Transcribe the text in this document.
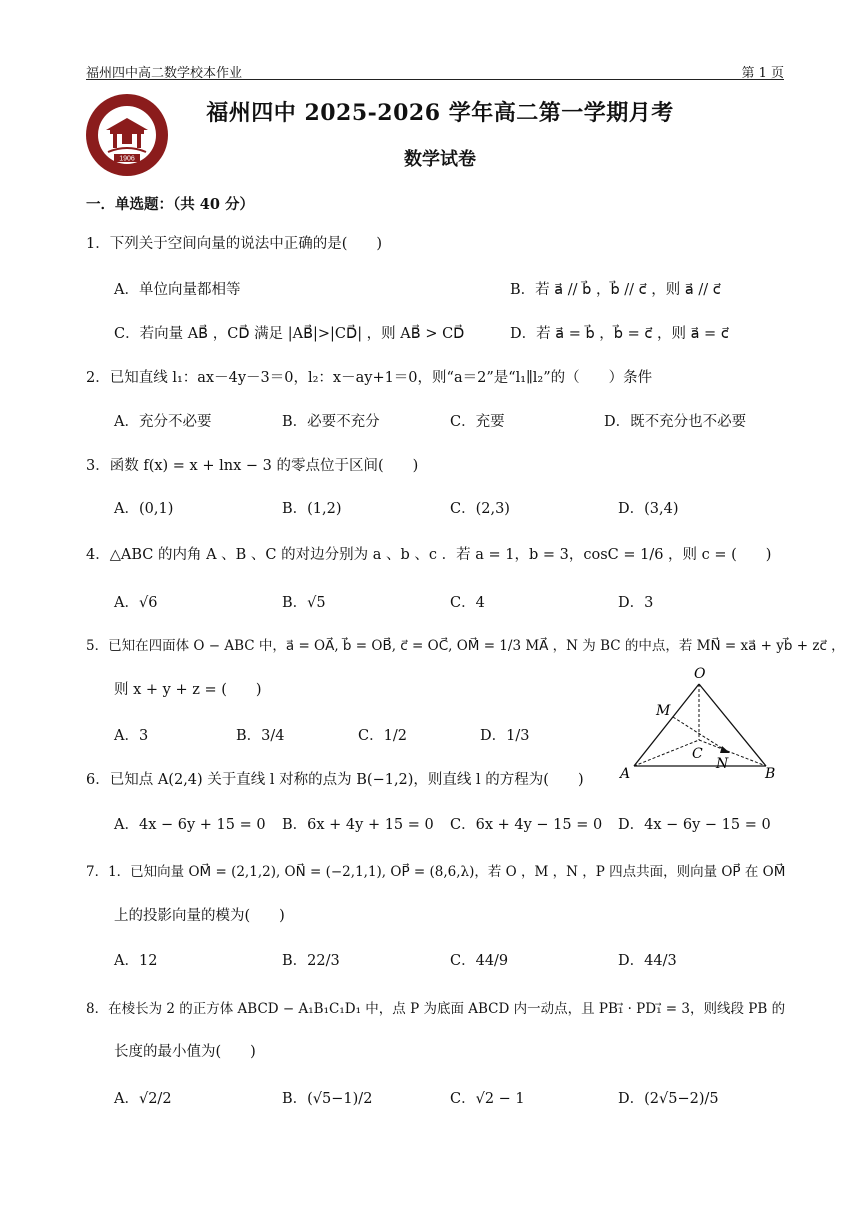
福州四中高二数学校本作业	第 1 页
1906
福州四中 2025-2026 学年高二第一学期月考
数学试卷
一．单选题：（共 40 分）
1．下列关于空间向量的说法中正确的是(　　)
A．单位向量都相等	B．若 a⃗ // b⃗ ，b⃗ // c⃗ ，则 a⃗ // c⃗
C．若向量 AB⃗ ，CD⃗ 满足 |AB⃗|>|CD⃗| ，则 AB⃗ > CD⃗	D．若 a⃗ = b⃗ ，b⃗ = c⃗ ，则 a⃗ = c⃗
2．已知直线 l₁：ax－4y－3＝0，l₂：x－ay+1＝0，则“a＝2”是“l₁∥l₂”的（　　）条件
A．充分不必要	B．必要不充分	C．充要	D．既不充分也不必要
3．函数 f(x) = x + lnx − 3 的零点位于区间(　　)
A．(0,1)	B．(1,2)	C．(2,3)	D．(3,4)
4．△ABC 的内角 A 、B 、C 的对边分别为 a 、b 、c ．若 a = 1，b = 3，cosC = 1/6 ，则 c = (　　)
A．√6	B．√5	C．4	D．3
5．已知在四面体 O − ABC 中，a⃗ = OA⃗, b⃗ = OB⃗, c⃗ = OC⃗, OM⃗ = 1/3 MA⃗ ，N 为 BC 的中点，若 MN⃗ = xa⃗ + yb⃗ + zc⃗ ，
则 x + y + z = (　　)
A．3	B．3/4	C．1/2	D．1/3
O
M
C
N
A	B
6．已知点 A(2,4) 关于直线 l 对称的点为 B(−1,2)，则直线 l 的方程为(　　)
A．4x − 6y + 15 = 0 B．6x + 4y + 15 = 0 C．6x + 4y − 15 = 0 D．4x − 6y − 15 = 0
7．1．已知向量 OM⃗ = (2,1,2), ON⃗ = (−2,1,1), OP⃗ = (8,6,λ)，若 O ，M ，N ，P 四点共面，则向量 OP⃗ 在 OM⃗
上的投影向量的模为(　　)
A．12	B．22/3	C．44/9	D．44/3
8．在棱长为 2 的正方体 ABCD − A₁B₁C₁D₁ 中，点 P 为底面 ABCD 内一动点，且 PB₁⃗ · PD₁⃗ = 3，则线段 PB 的
长度的最小值为(　　)
A．√2/2	B．(√5−1)/2	C．√2 − 1	D．(2√5−2)/5
